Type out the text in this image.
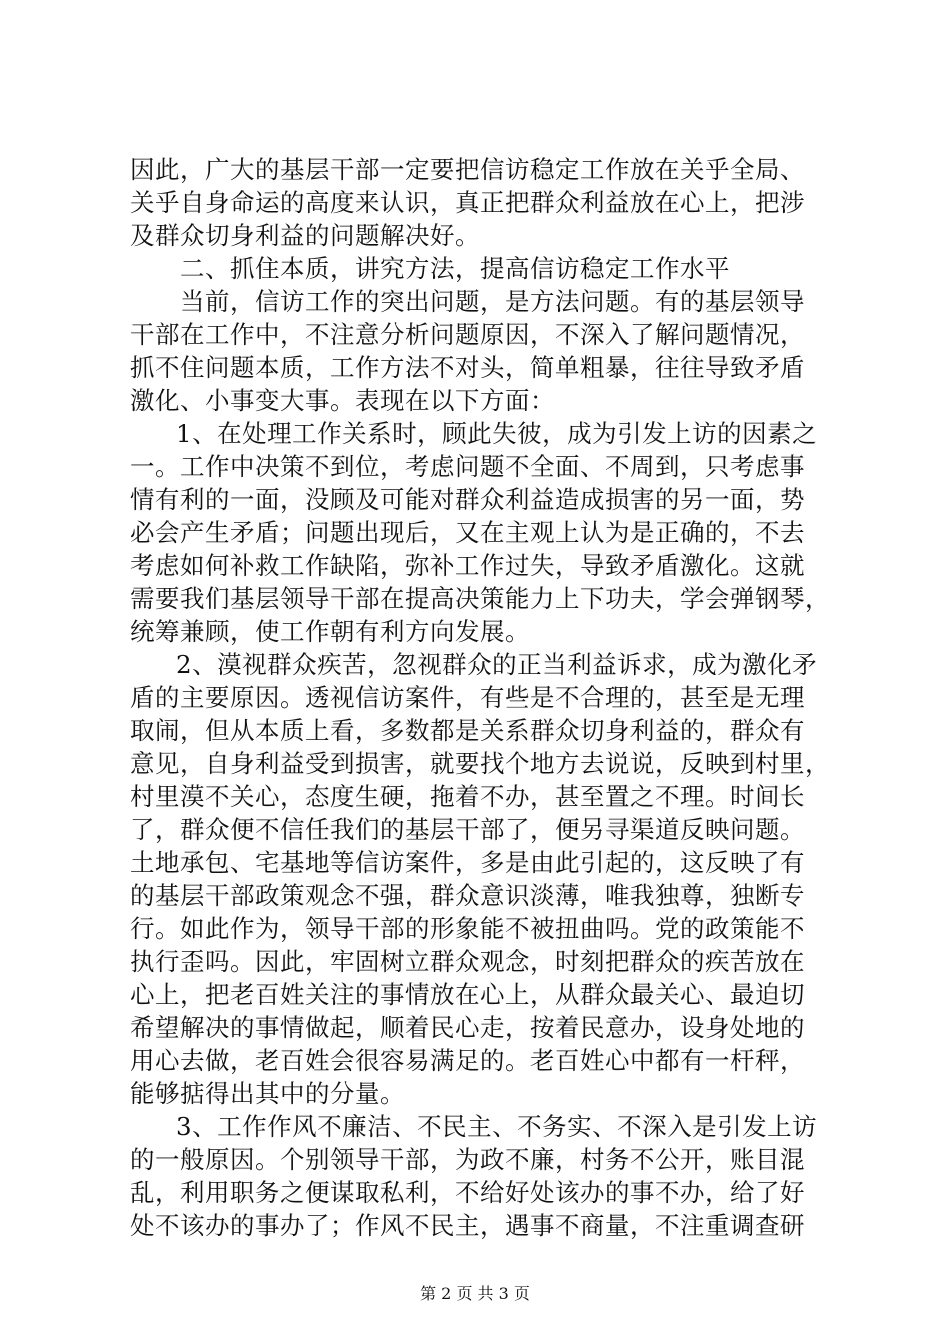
因此，广大的基层干部一定要把信访稳定工作放在关乎全局、
关乎自身命运的高度来认识，真正把群众利益放在心上，把涉
及群众切身利益的问题解决好。
二、抓住本质，讲究方法，提高信访稳定工作水平
当前，信访工作的突出问题，是方法问题。有的基层领导
干部在工作中，不注意分析问题原因，不深入了解问题情况，
抓不住问题本质，工作方法不对头，简单粗暴，往往导致矛盾
激化、小事变大事。表现在以下方面：
1、在处理工作关系时，顾此失彼，成为引发上访的因素之
一。工作中决策不到位，考虑问题不全面、不周到，只考虑事
情有利的一面，没顾及可能对群众利益造成损害的另一面，势
必会产生矛盾；问题出现后，又在主观上认为是正确的，不去
考虑如何补救工作缺陷，弥补工作过失，导致矛盾激化。这就
需要我们基层领导干部在提高决策能力上下功夫，学会弹钢琴，
统筹兼顾，使工作朝有利方向发展。
2、漠视群众疾苦，忽视群众的正当利益诉求，成为激化矛
盾的主要原因。透视信访案件，有些是不合理的，甚至是无理
取闹，但从本质上看，多数都是关系群众切身利益的，群众有
意见，自身利益受到损害，就要找个地方去说说，反映到村里，
村里漠不关心，态度生硬，拖着不办，甚至置之不理。时间长
了，群众便不信任我们的基层干部了，便另寻渠道反映问题。
土地承包、宅基地等信访案件，多是由此引起的，这反映了有
的基层干部政策观念不强，群众意识淡薄，唯我独尊，独断专
行。如此作为，领导干部的形象能不被扭曲吗。党的政策能不
执行歪吗。因此，牢固树立群众观念，时刻把群众的疾苦放在
心上，把老百姓关注的事情放在心上，从群众最关心、最迫切
希望解决的事情做起，顺着民心走，按着民意办，设身处地的
用心去做，老百姓会很容易满足的。老百姓心中都有一杆秤，
能够掂得出其中的分量。
3、工作作风不廉洁、不民主、不务实、不深入是引发上访
的一般原因。个别领导干部，为政不廉，村务不公开，账目混
乱，利用职务之便谋取私利，不给好处该办的事不办，给了好
处不该办的事办了；作风不民主，遇事不商量，不注重调查研
第 2 页 共 3 页
